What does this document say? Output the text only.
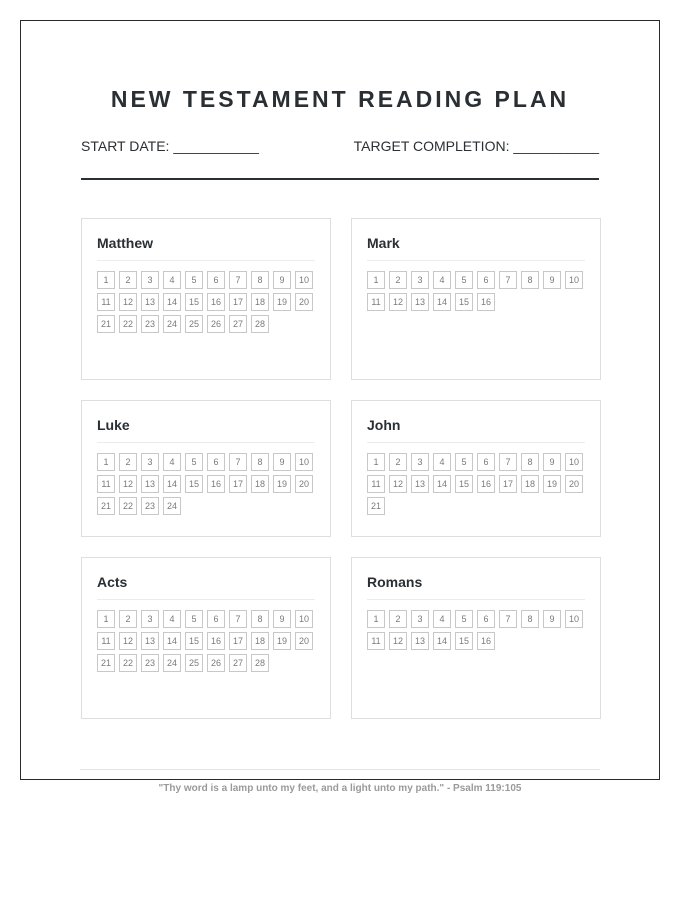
NEW TESTAMENT READING PLAN
START DATE: ___________	TARGET COMPLETION: ___________
Matthew
1	2	3	4	5	6	7	8	9	10
11	12	13	14	15	16	17	18	19	20
21	22	23	24	25	26	27	28
Mark
1	2	3	4	5	6	7	8	9	10
11	12	13	14	15	16
Luke
1	2	3	4	5	6	7	8	9	10
11	12	13	14	15	16	17	18	19	20
21	22	23	24
John
1	2	3	4	5	6	7	8	9	10
11	12	13	14	15	16	17	18	19	20
21
Acts
1	2	3	4	5	6	7	8	9	10
11	12	13	14	15	16	17	18	19	20
21	22	23	24	25	26	27	28
Romans
1	2	3	4	5	6	7	8	9	10
11	12	13	14	15	16
"Thy word is a lamp unto my feet, and a light unto my path." - Psalm 119:105
